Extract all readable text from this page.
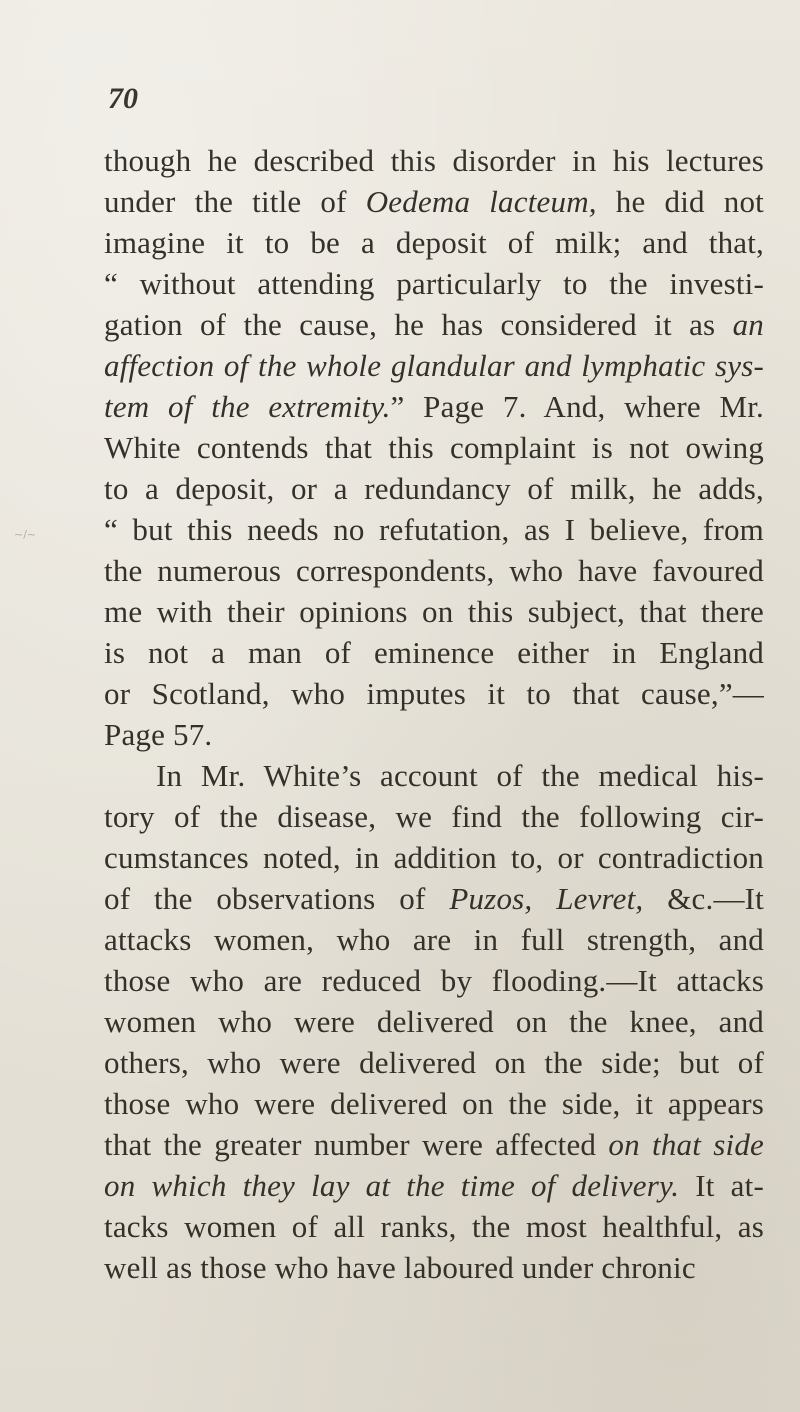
70
~/~
though he described this disorder in his lectures
under the title of Oedema lacteum, he did not
imagine it to be a deposit of milk; and that,
“ without attending particularly to the investi-
gation of the cause, he has considered it as an
affection of the whole glandular and lymphatic sys-
tem of the extremity.” Page 7. And, where Mr.
White contends that this complaint is not owing
to a deposit, or a redundancy of milk, he adds,
“ but this needs no refutation, as I believe, from
the numerous correspondents, who have favoured
me with their opinions on this subject, that there
is not a man of eminence either in England
or Scotland, who imputes it to that cause,”—
Page 57.
In Mr. White’s account of the medical his-
tory of the disease, we find the following cir-
cumstances noted, in addition to, or contradiction
of the observations of Puzos, Levret, &c.—It
attacks women, who are in full strength, and
those who are reduced by flooding.—It attacks
women who were delivered on the knee, and
others, who were delivered on the side; but of
those who were delivered on the side, it appears
that the greater number were affected on that side
on which they lay at the time of delivery. It at-
tacks women of all ranks, the most healthful, as
well as those who have laboured under chronic
